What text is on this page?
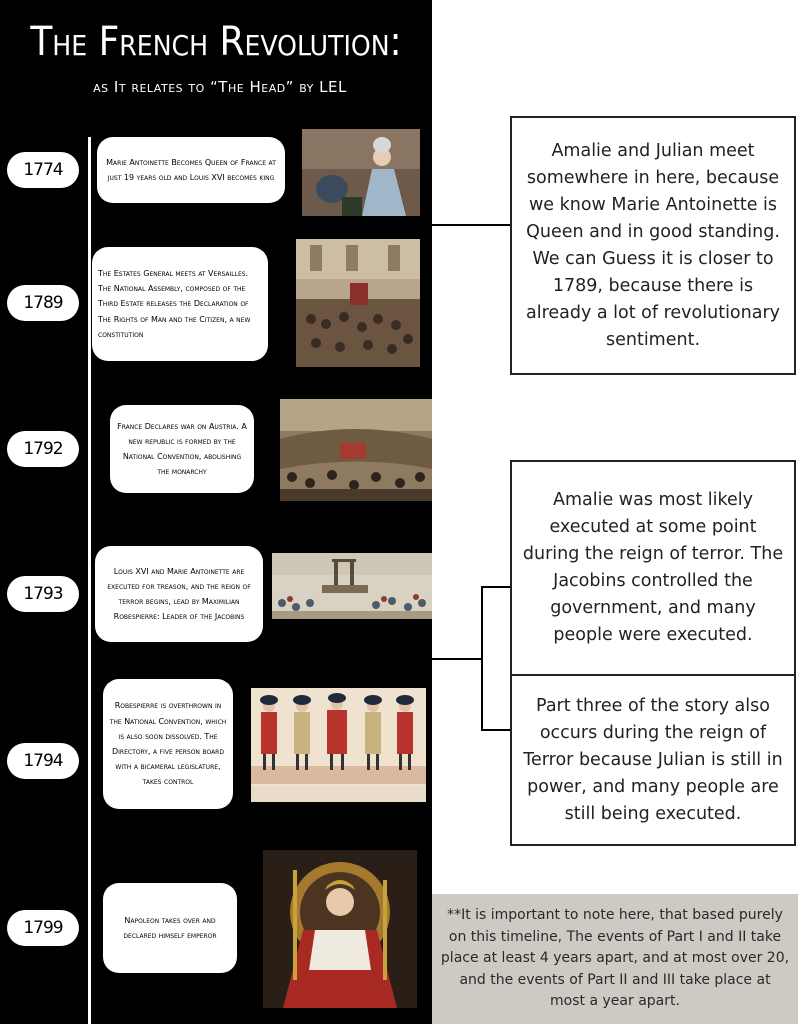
The French Revolution:
as It relates to “The Head” by LEL
1774
1789
1792
1793
1794
1799
Marie Antoinette Becomes Queen of France at just 19 years old and Louis XVI becomes king
The Estates General meets at Versailles. The National Assembly, composed of the Third Estate releases the Declaration of The Rights of Man and the Citizen, a new constitution
France Declares war on Austria. A new republic is formed by the National Convention, abolishing the monarchy
Louis XVI and Marie Antoinette are executed for treason, and the reign of terror begins, lead by Maximilian Robespierre: Leader of the Jacobins
Robespierre is overthrown in the National Convention, which is also soon dissolved. The Directory, a five person board with a bicameral legislature, takes control
Napoleon takes over and declared himself emperor
Amalie and Julian meet somewhere in here, because we know Marie Antoinette is Queen and in good standing. We can Guess it is closer to 1789, because there is already a lot of revolutionary sentiment.
Amalie was most likely executed at some point during the reign of terror. The Jacobins controlled the government, and many people were executed.
Part three of the story also occurs during the reign of Terror because Julian is still in power, and many people are still being executed.
**It is important to note here, that based purely on this timeline, The events of Part I and II take place at least 4 years apart, and at most over 20, and the events of Part II and III take place at most a year apart.
